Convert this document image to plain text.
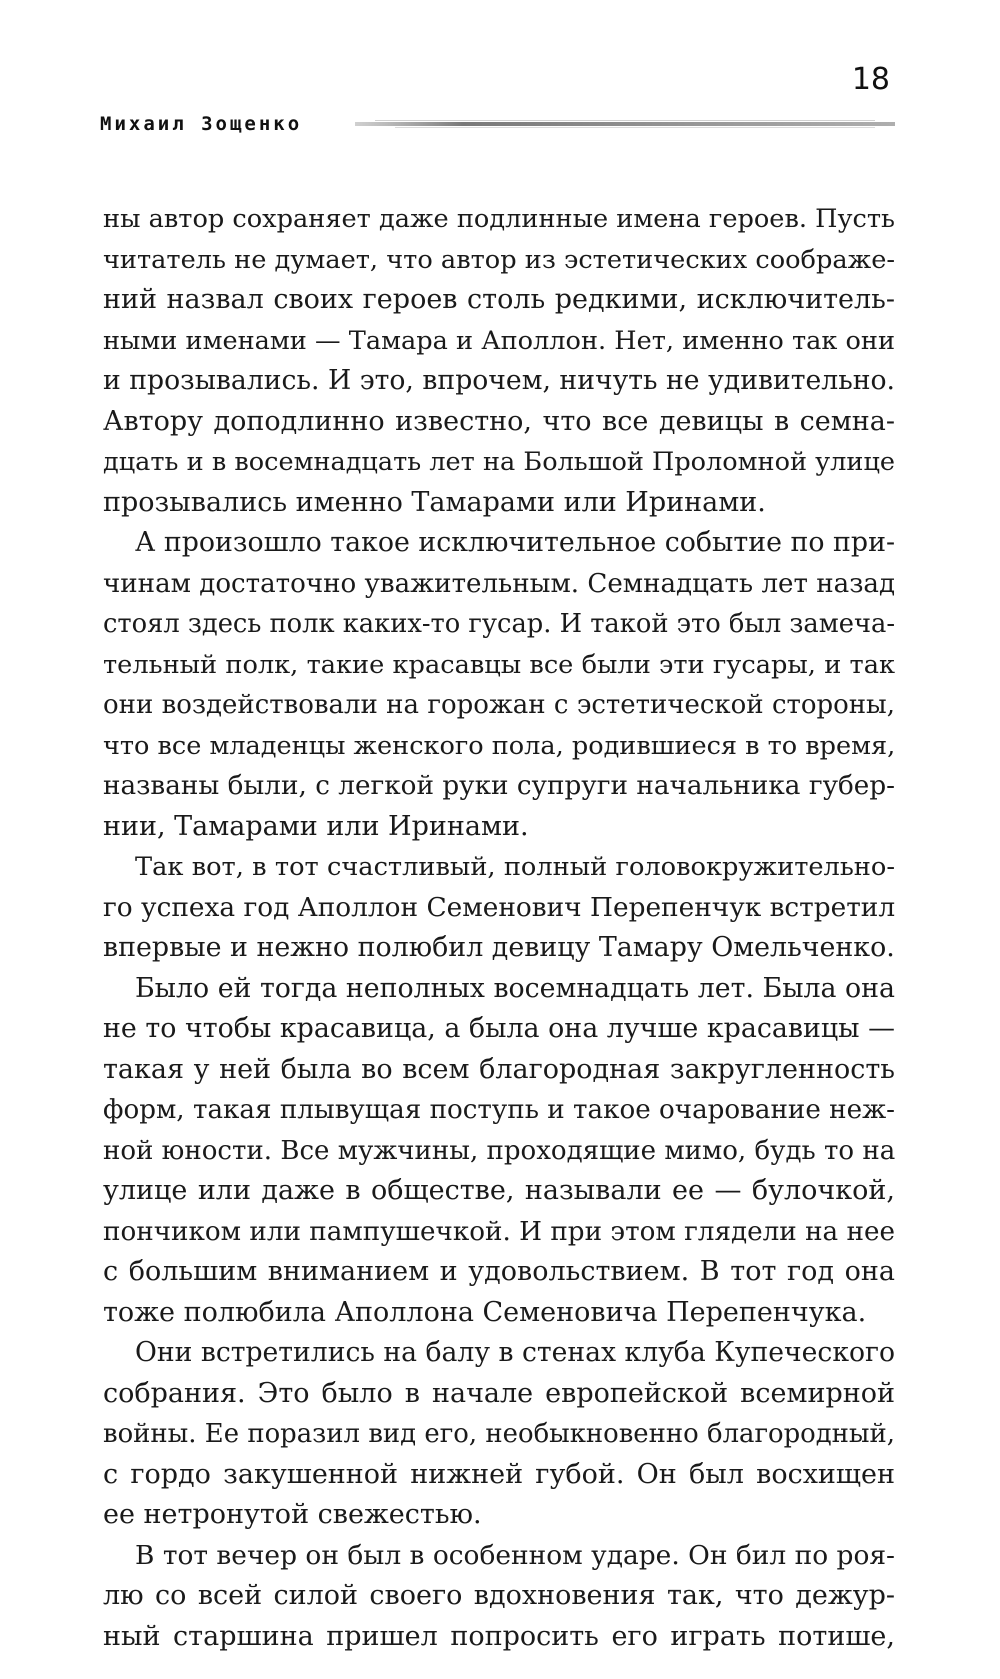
18
Михаил Зощенко
ны автор сохраняет даже подлинные имена героев. Пусть
читатель не думает, что автор из эстетических соображе-
ний назвал своих героев столь редкими, исключитель-
ными именами — Тамара и Аполлон. Нет, именно так они
и прозывались. И это, впрочем, ничуть не удивительно.
Автору доподлинно известно, что все девицы в семна-
дцать и в восемнадцать лет на Большой Проломной улице
прозывались именно Тамарами или Иринами.
А произошло такое исключительное событие по при-
чинам достаточно уважительным. Семнадцать лет назад
стоял здесь полк каких-то гусар. И такой это был замеча-
тельный полк, такие красавцы все были эти гусары, и так
они воздействовали на горожан с эстетической стороны,
что все младенцы женского пола, родившиеся в то время,
названы были, с легкой руки супруги начальника губер-
нии, Тамарами или Иринами.
Так вот, в тот счастливый, полный головокружительно-
го успеха год Аполлон Семенович Перепенчук встретил
впервые и нежно полюбил девицу Тамару Омельченко.
Было ей тогда неполных восемнадцать лет. Была она
не то чтобы красавица, а была она лучше красавицы —
такая у ней была во всем благородная закругленность
форм, такая плывущая поступь и такое очарование неж-
ной юности. Все мужчины, проходящие мимо, будь то на
улице или даже в обществе, называли ее — булочкой,
пончиком или пампушечкой. И при этом глядели на нее
с большим вниманием и удовольствием. В тот год она
тоже полюбила Аполлона Семеновича Перепенчука.
Они встретились на балу в стенах клуба Купеческого
собрания. Это было в начале европейской всемирной
войны. Ее поразил вид его, необыкновенно благородный,
с гордо закушенной нижней губой. Он был восхищен
ее нетронутой свежестью.
В тот вечер он был в особенном ударе. Он бил по роя-
лю со всей силой своего вдохновения так, что дежур-
ный старшина пришел попросить его играть потише,
